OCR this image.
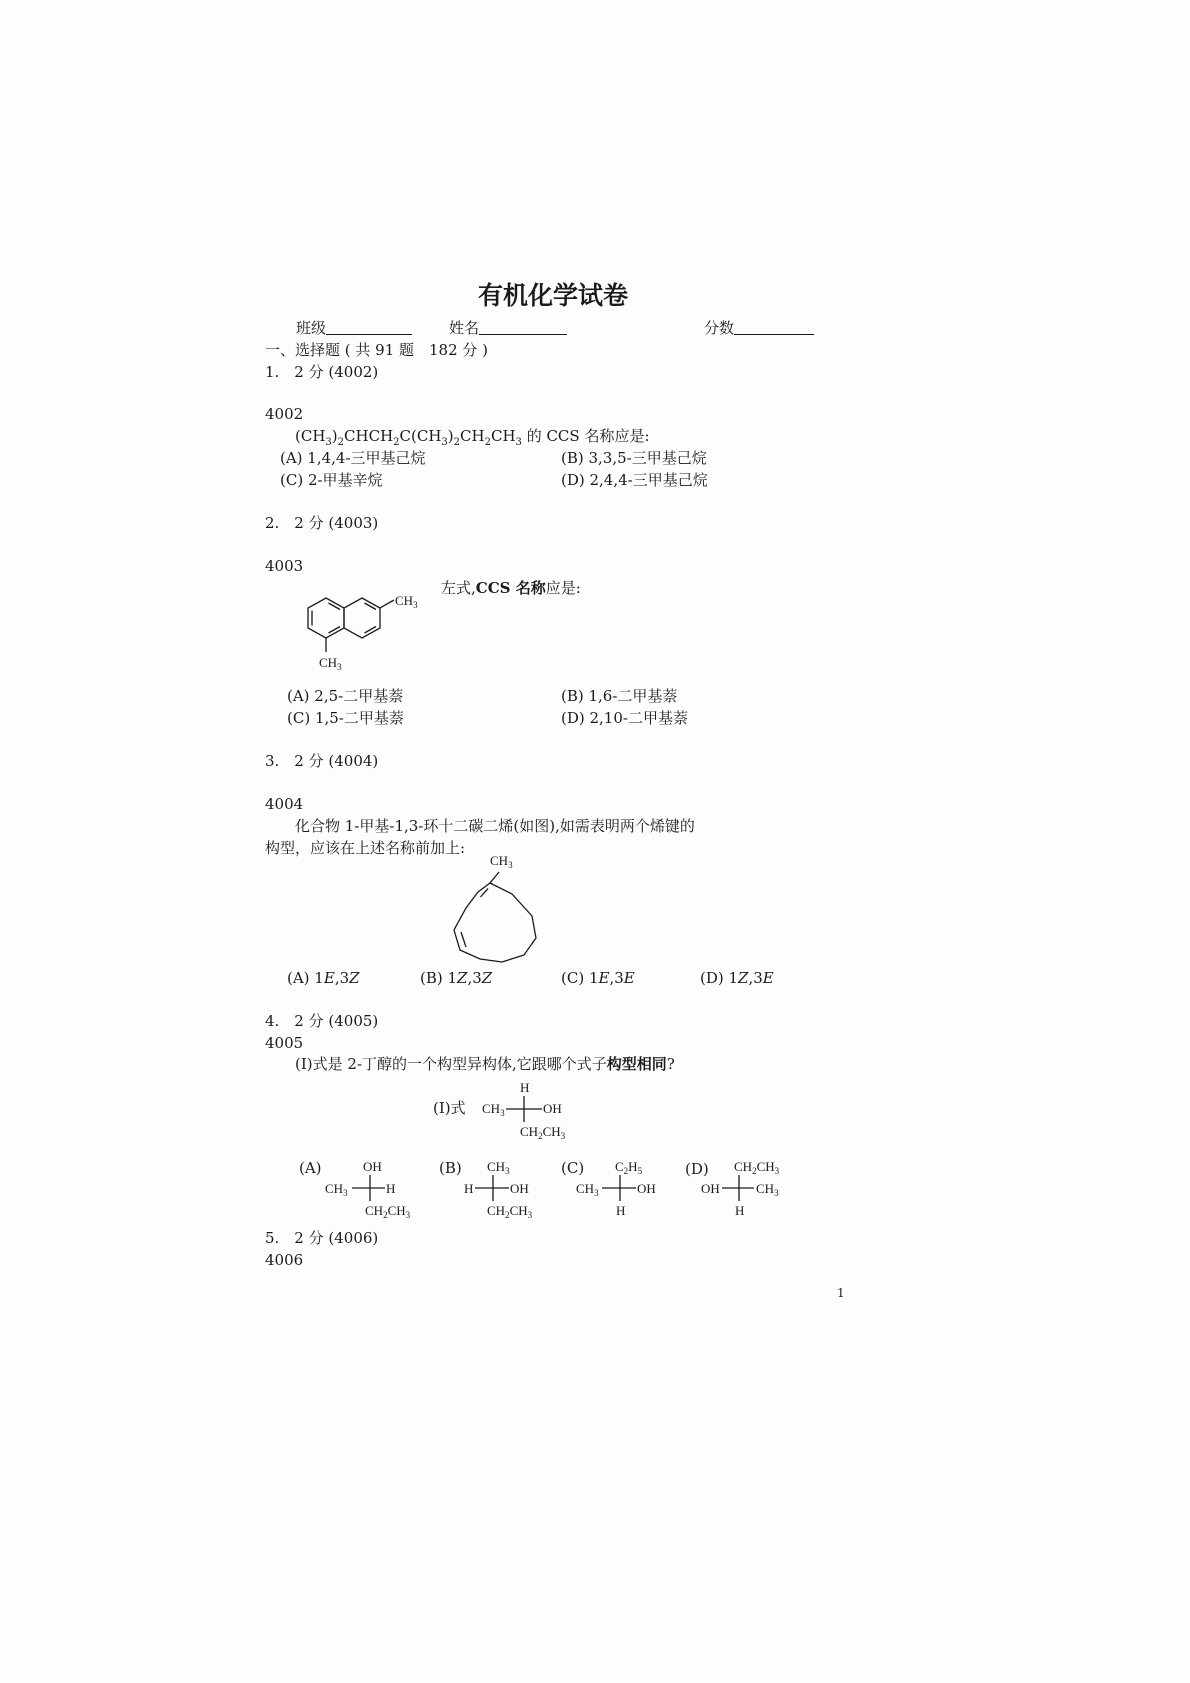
有机化学试卷
班级	姓名	分数
一、选择题 ( 共 91 题　182 分 )
1.　2 分 (4002)
4002
$(CH_3)_2CHCH_2C(CH_3)_2CH_2CH_3$ 的 CCS 名称应是:
(A) 1,4,4-三甲基己烷	(B) 3,3,5-三甲基己烷
(C) 2-甲基辛烷	(D) 2,4,4-三甲基己烷
2.　2 分 (4003)
4003
左式,CCS 名称应是:
$CH_3$
$CH_3$
(A) 2,5-二甲基萘	(B) 1,6-二甲基萘
(C) 1,5-二甲基萘	(D) 2,10-二甲基萘
3.　2 分 (4004)
4004
化合物 1-甲基-1,3-环十二碳二烯(如图),如需表明两个烯键的
构型，应该在上述名称前加上:
$CH_3$
(A) 1E,3Z	(B) 1Z,3Z	(C) 1E,3E	(D) 1Z,3E
4.　2 分 (4005)
4005
(I)式是 2-丁醇的一个构型异构体,它跟哪个式子构型相同?
(I)式
H
$CH_3$	OH
$CH_2CH_3$
(A)	OH
$CH_3$	H
$CH_2CH_3$
(B) $CH_3$
H	OH
$CH_2CH_3$
(C) $C_2H_5$
$CH_3$	OH
H
(D) $CH_2CH_3$
OH	$CH_3$
H
5.　2 分 (4006)
4006
1
